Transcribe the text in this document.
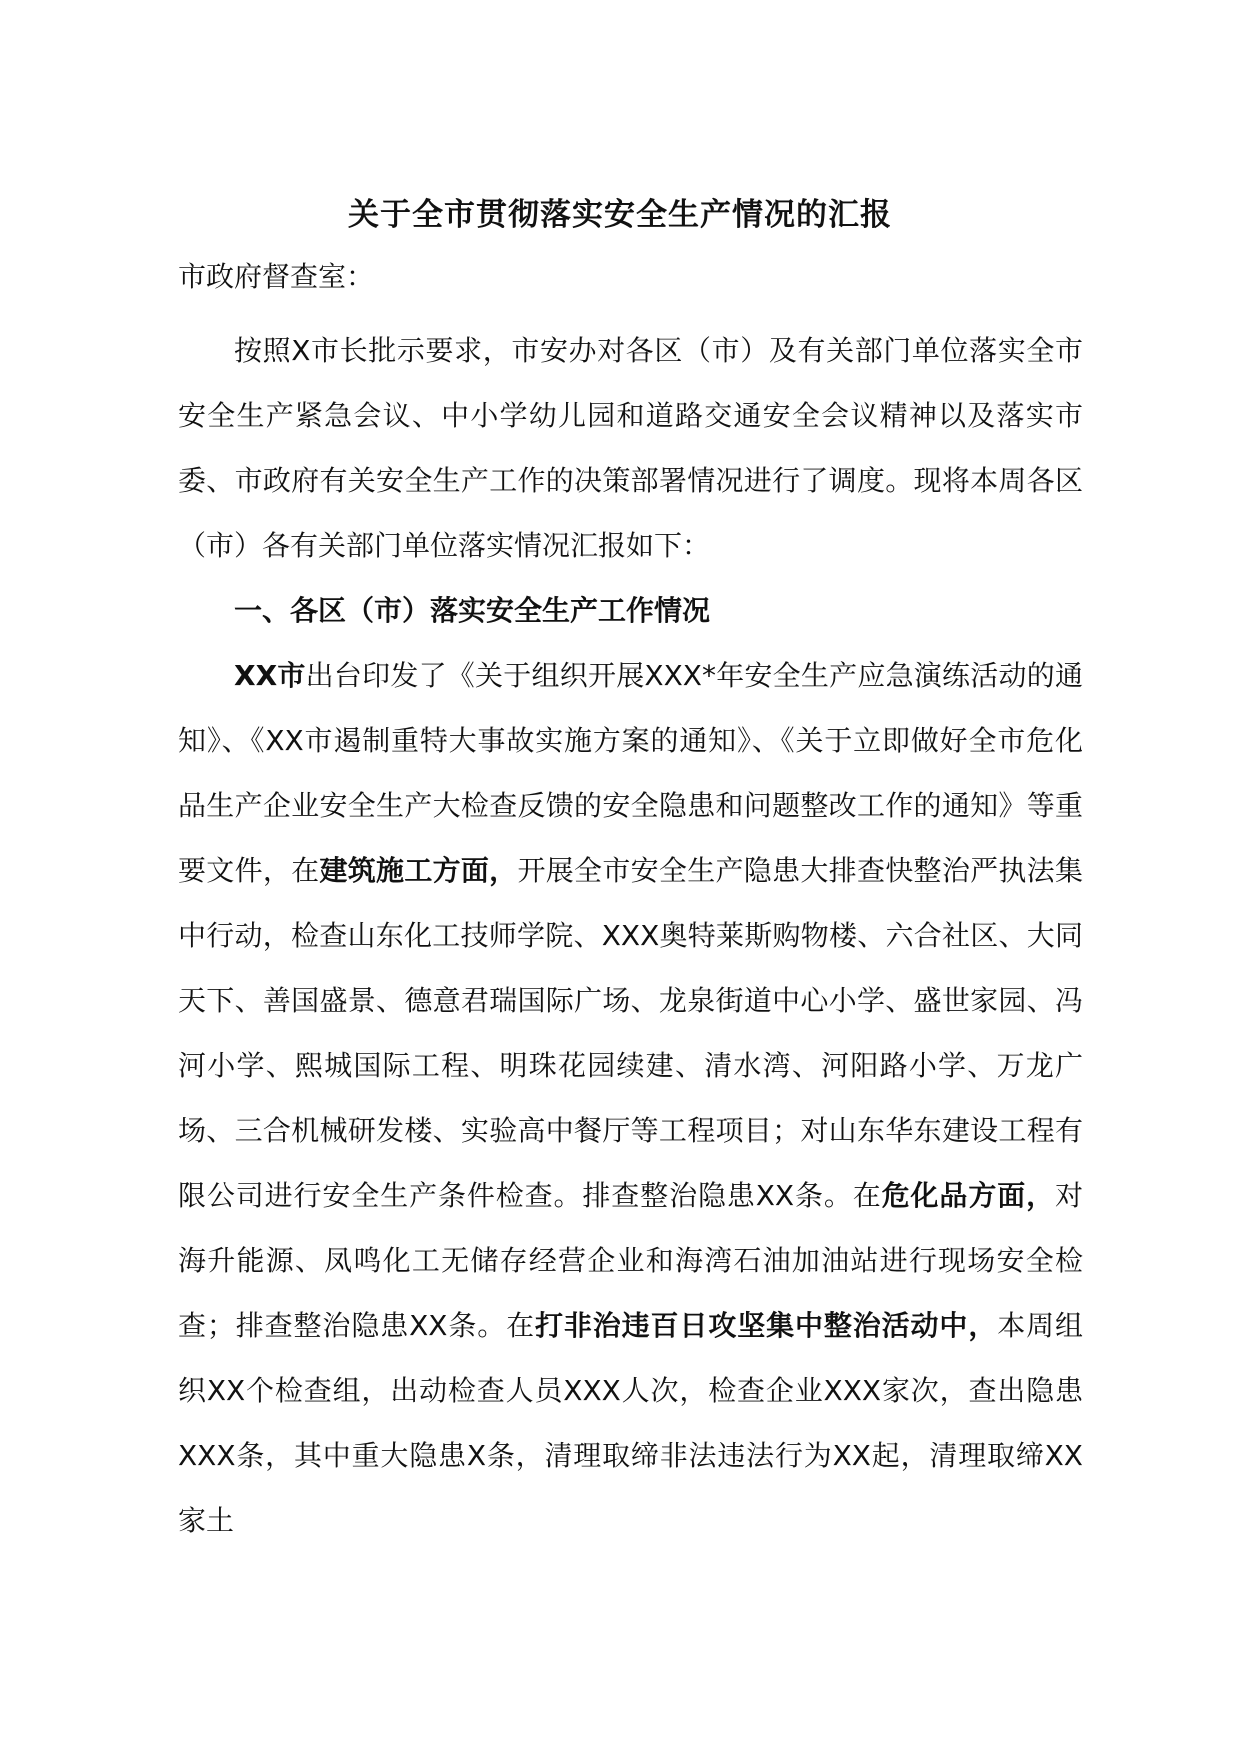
关于全市贯彻落实安全生产情况的汇报
市政府督查室：

按照X市长批示要求，市安办对各区（市）及有关部门单位落实全市安全生产紧急会议、中小学幼儿园和道路交通安全会议精神以及落实市委、市政府有关安全生产工作的决策部署情况进行了调度。现将本周各区（市）各有关部门单位落实情况汇报如下：

一、各区（市）落实安全生产工作情况

XX市出台印发了《关于组织开展XXX*年安全生产应急演练活动的通知》、《XX市遏制重特大事故实施方案的通知》、《关于立即做好全市危化品生产企业安全生产大检查反馈的安全隐患和问题整改工作的通知》等重要文件，在建筑施工方面，开展全市安全生产隐患大排查快整治严执法集中行动，检查山东化工技师学院、XXX奥特莱斯购物楼、六合社区、大同天下、善国盛景、德意君瑞国际广场、龙泉街道中心小学、盛世家园、冯河小学、熙城国际工程、明珠花园续建、清水湾、河阳路小学、万龙广场、三合机械研发楼、实验高中餐厅等工程项目；对山东华东建设工程有限公司进行安全生产条件检查。排查整治隐患XX条。在危化品方面，对海升能源、凤鸣化工无储存经营企业和海湾石油加油站进行现场安全检查；排查整治隐患XX条。在打非治违百日攻坚集中整治活动中，本周组织XX个检查组，出动检查人员XXX人次，检查企业XXX家次，查出隐患XXX条，其中重大隐患X条，清理取缔非法违法行为XX起，清理取缔XX家土
